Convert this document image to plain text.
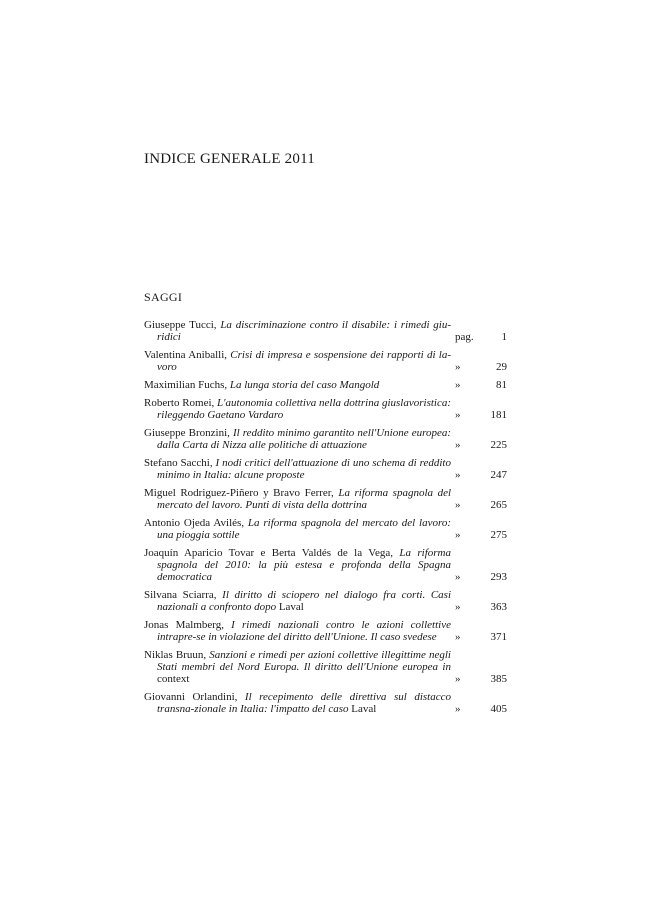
INDICE GENERALE 2011
SAGGI
Giuseppe Tucci, La discriminazione contro il disabile: i rimedi giu-ridici	pag.	1
Valentina Aniballi, Crisi di impresa e sospensione dei rapporti di la-voro	»	29
Maximilian Fuchs, La lunga storia del caso Mangold	»	81
Roberto Romei, L'autonomia collettiva nella dottrina giuslavoristica: rileggendo Gaetano Vardaro	»	181
Giuseppe Bronzini, Il reddito minimo garantito nell'Unione europea: dalla Carta di Nizza alle politiche di attuazione	»	225
Stefano Sacchi, I nodi critici dell'attuazione di uno schema di reddito minimo in Italia: alcune proposte	»	247
Miguel Rodriguez-Piñero y Bravo Ferrer, La riforma spagnola del mercato del lavoro. Punti di vista della dottrina	»	265
Antonio Ojeda Avilés, La riforma spagnola del mercato del lavoro: una pioggia sottile	»	275
Joaquín Aparicio Tovar e Berta Valdés de la Vega, La riforma spagnola del 2010: la più estesa e profonda della Spagna democratica	»	293
Silvana Sciarra, Il diritto di sciopero nel dialogo fra corti. Casi nazionali a confronto dopo Laval	»	363
Jonas Malmberg, I rimedi nazionali contro le azioni collettive intrapre-se in violazione del diritto dell'Unione. Il caso svedese	»	371
Niklas Bruun, Sanzioni e rimedi per azioni collettive illegittime negli Stati membri del Nord Europa. Il diritto dell'Unione europea in context	»	385
Giovanni Orlandini, Il recepimento delle direttiva sul distacco transna-zionale in Italia: l'impatto del caso Laval	»	405
